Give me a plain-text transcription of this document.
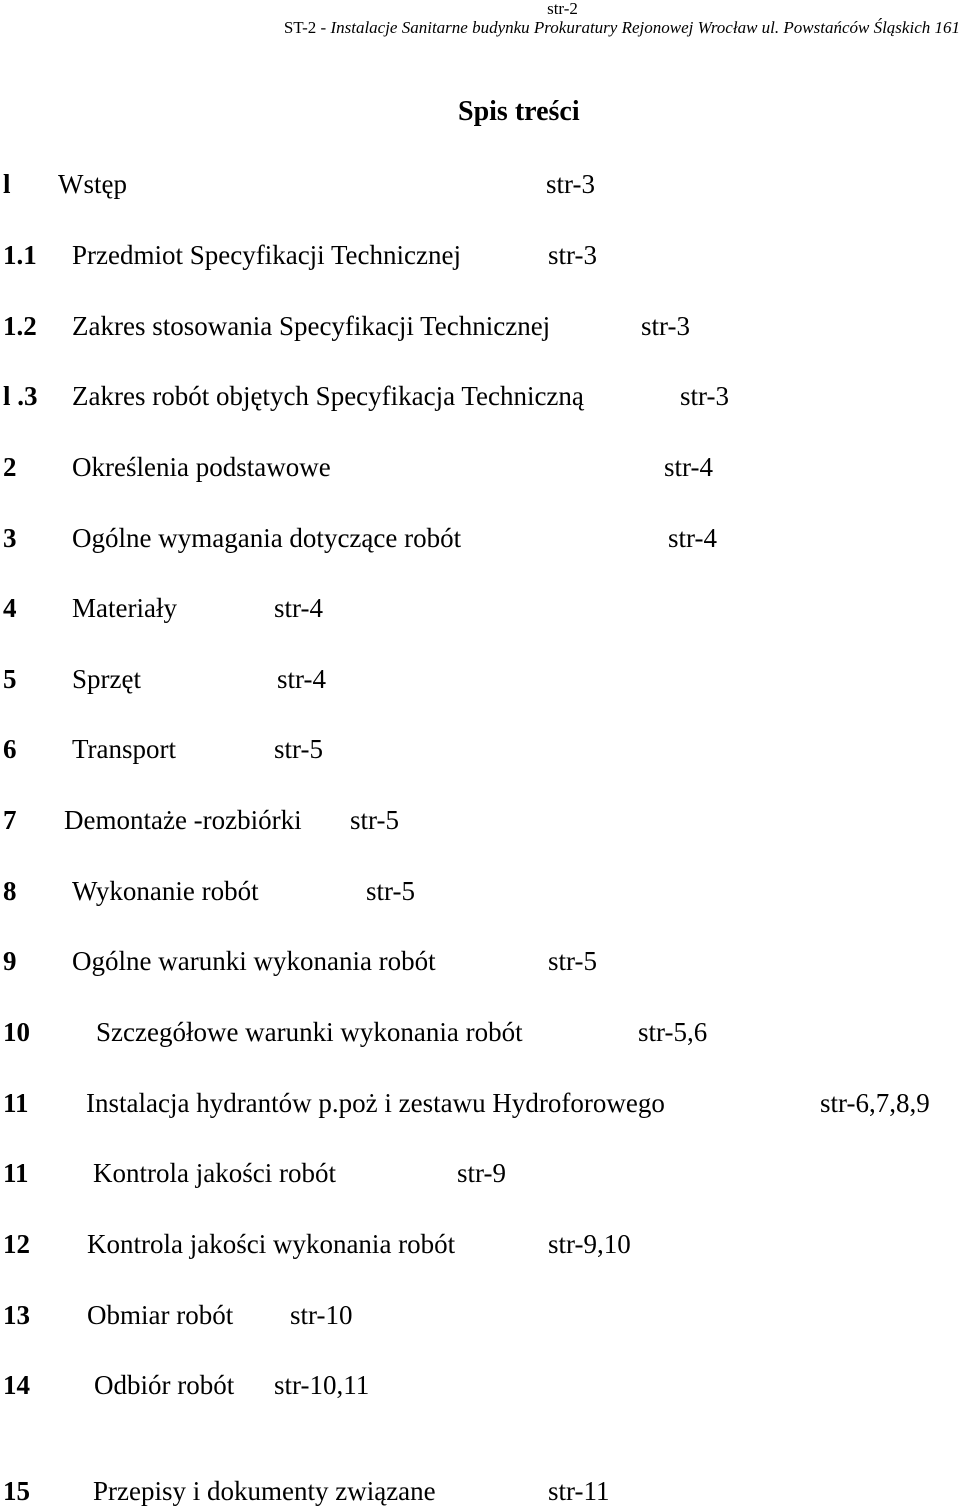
str-2
ST-2 - Instalacje Sanitarne budynku Prokuratury Rejonowej Wrocław ul. Powstańców Śląskich 161
Spis treści
l Wstęp	str-3
1.1 Przedmiot Specyfikacji Technicznej	str-3
1.2 Zakres stosowania Specyfikacji Technicznej	str-3
l .3 Zakres robót objętych Specyfikacja Techniczną	str-3
2 Określenia podstawowe	str-4
3 Ogólne wymagania dotyczące robót	str-4
4 Materiały	str-4
5 Sprzęt	str-4
6 Transport	str-5
7 Demontaże -rozbiórki str-5
8 Wykonanie robót	str-5
9 Ogólne warunki wykonania robót	str-5
10 Szczegółowe warunki wykonania robót	str-5,6
11 Instalacja hydrantów p.poż i zestawu Hydroforowego	str-6,7,8,9
11 Kontrola jakości robót	str-9
12 Kontrola jakości wykonania robót	str-9,10
13 Obmiar robót str-10
14 Odbiór robót str-10,11
15 Przepisy i dokumenty związane	str-11
